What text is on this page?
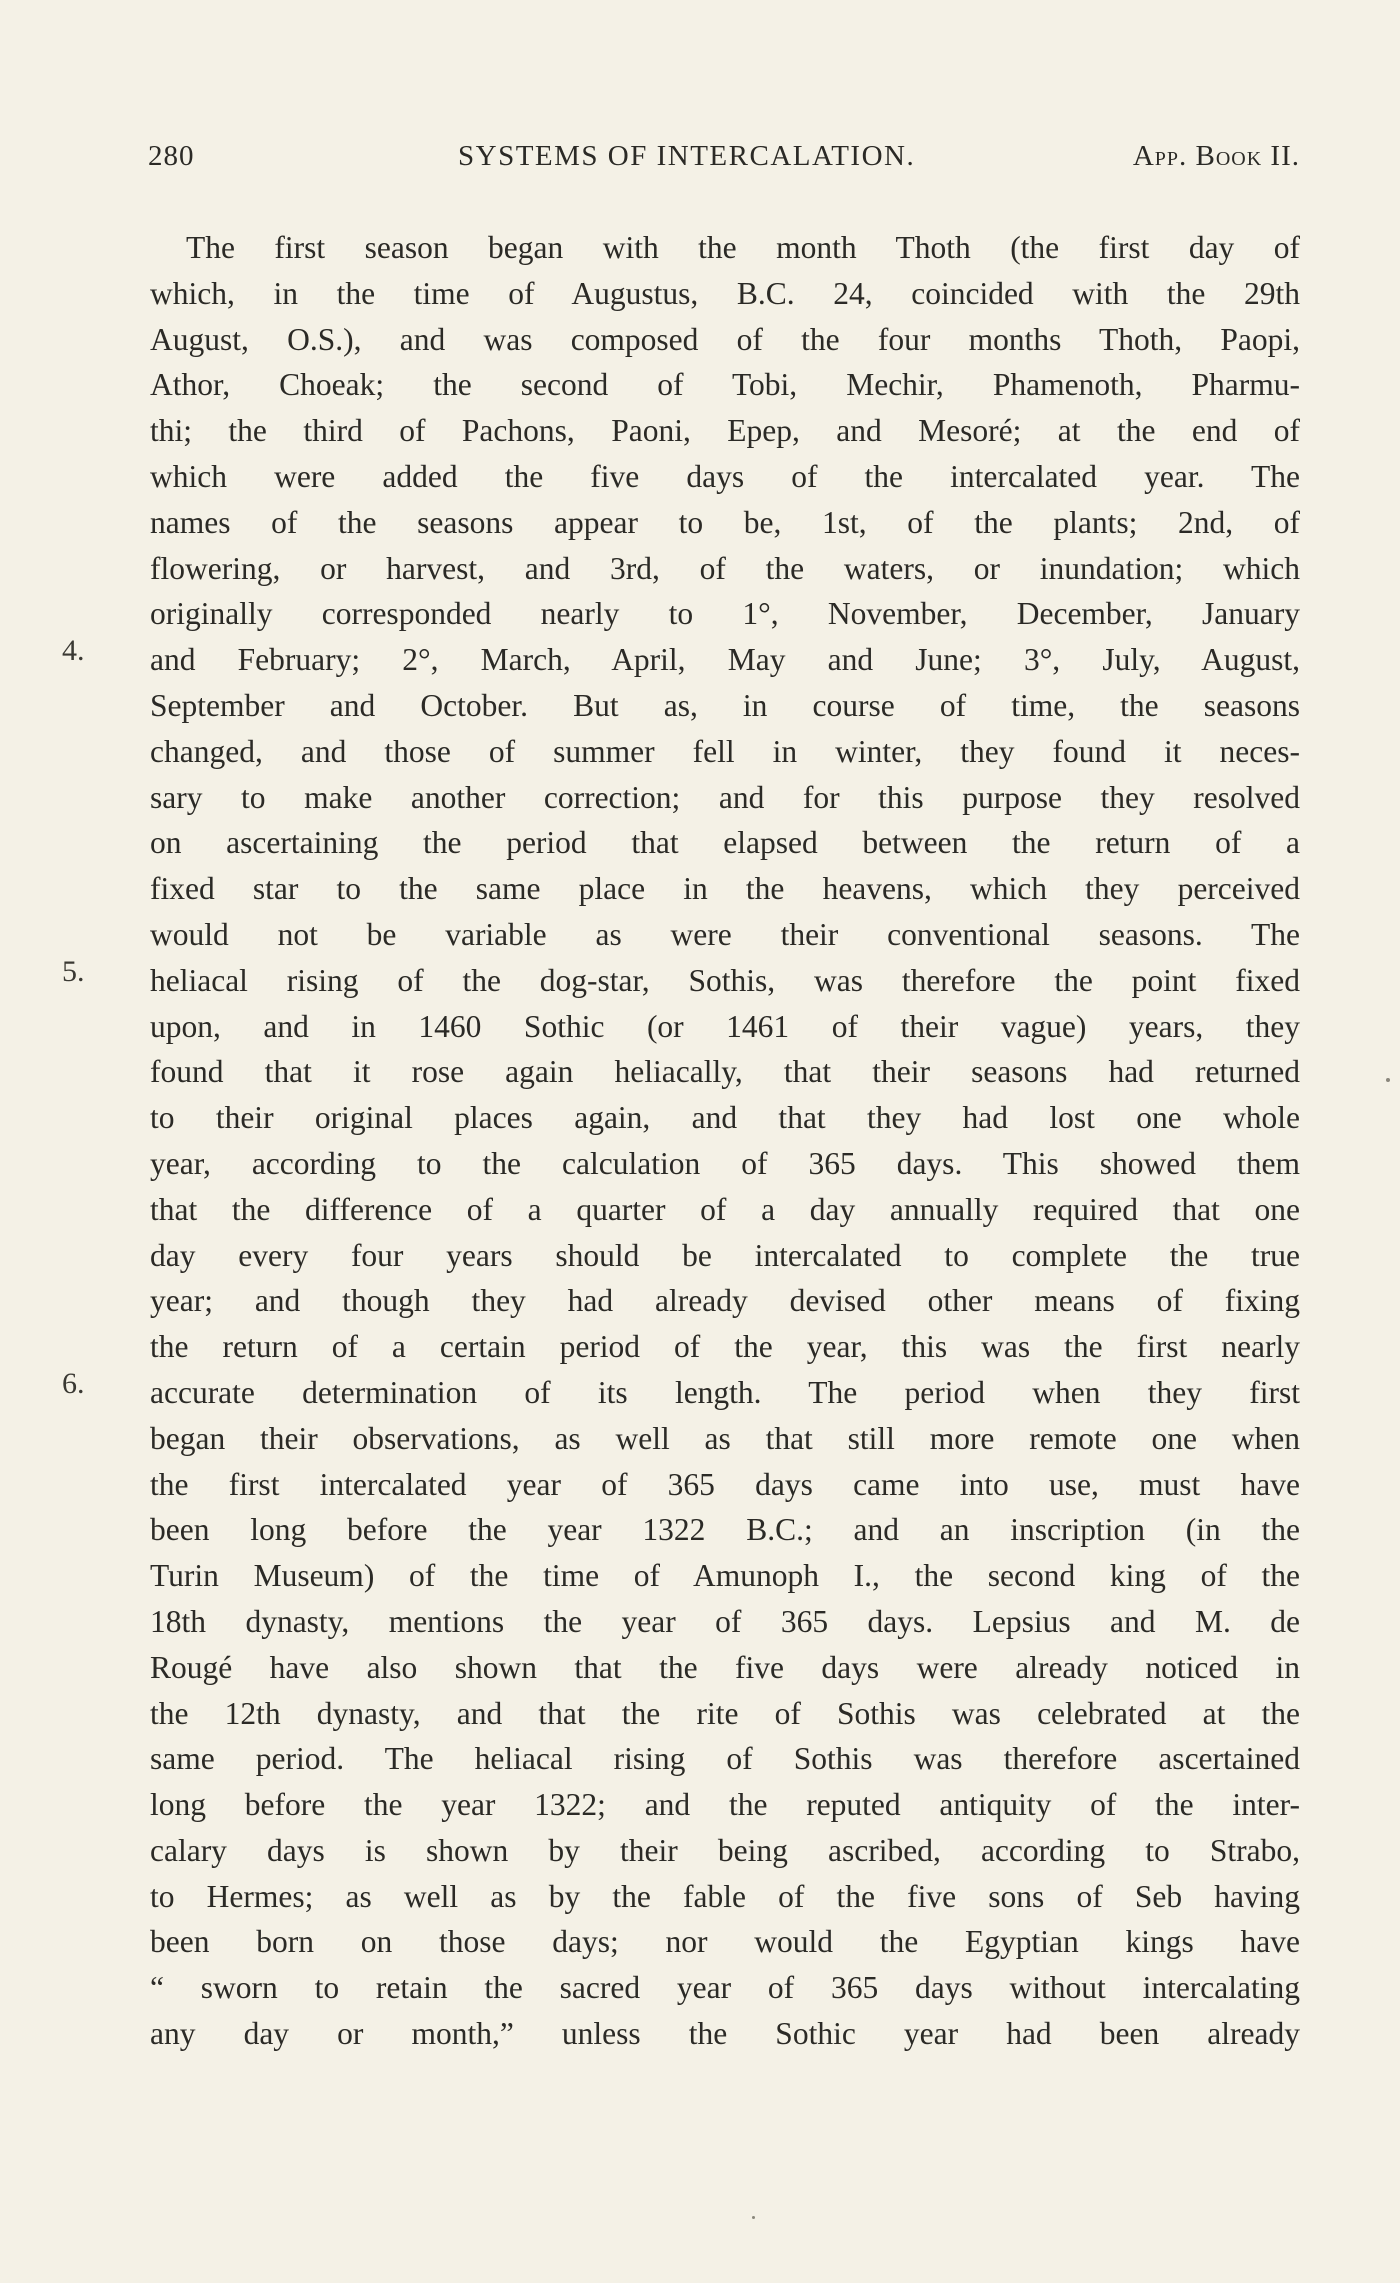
280	SYSTEMS OF INTERCALATION.	App. Book II.
4.
5.
6.
The first season began with the month Thoth (the first day of
which, in the time of Augustus, B.C. 24, coincided with the 29th
August, O.S.), and was composed of the four months Thoth, Paopi,
Athor, Choeak; the second of Tobi, Mechir, Phamenoth, Pharmu-
thi; the third of Pachons, Paoni, Epep, and Mesoré; at the end of
which were added the five days of the intercalated year. The
names of the seasons appear to be, 1st, of the plants; 2nd, of
flowering, or harvest, and 3rd, of the waters, or inundation; which
originally corresponded nearly to 1°, November, December, January
and February; 2°, March, April, May and June; 3°, July, August,
September and October. But as, in course of time, the seasons
changed, and those of summer fell in winter, they found it neces-
sary to make another correction; and for this purpose they resolved
on ascertaining the period that elapsed between the return of a
fixed star to the same place in the heavens, which they perceived
would not be variable as were their conventional seasons. The
heliacal rising of the dog-star, Sothis, was therefore the point fixed
upon, and in 1460 Sothic (or 1461 of their vague) years, they
found that it rose again heliacally, that their seasons had returned
to their original places again, and that they had lost one whole
year, according to the calculation of 365 days. This showed them
that the difference of a quarter of a day annually required that one
day every four years should be intercalated to complete the true
year; and though they had already devised other means of fixing
the return of a certain period of the year, this was the first nearly
accurate determination of its length. The period when they first
began their observations, as well as that still more remote one when
the first intercalated year of 365 days came into use, must have
been long before the year 1322 B.C.; and an inscription (in the
Turin Museum) of the time of Amunoph I., the second king of the
18th dynasty, mentions the year of 365 days. Lepsius and M. de
Rougé have also shown that the five days were already noticed in
the 12th dynasty, and that the rite of Sothis was celebrated at the
same period. The heliacal rising of Sothis was therefore ascertained
long before the year 1322; and the reputed antiquity of the inter-
calary days is shown by their being ascribed, according to Strabo,
to Hermes; as well as by the fable of the five sons of Seb having
been born on those days; nor would the Egyptian kings have
“ sworn to retain the sacred year of 365 days without intercalating
any day or month,” unless the Sothic year had been already
